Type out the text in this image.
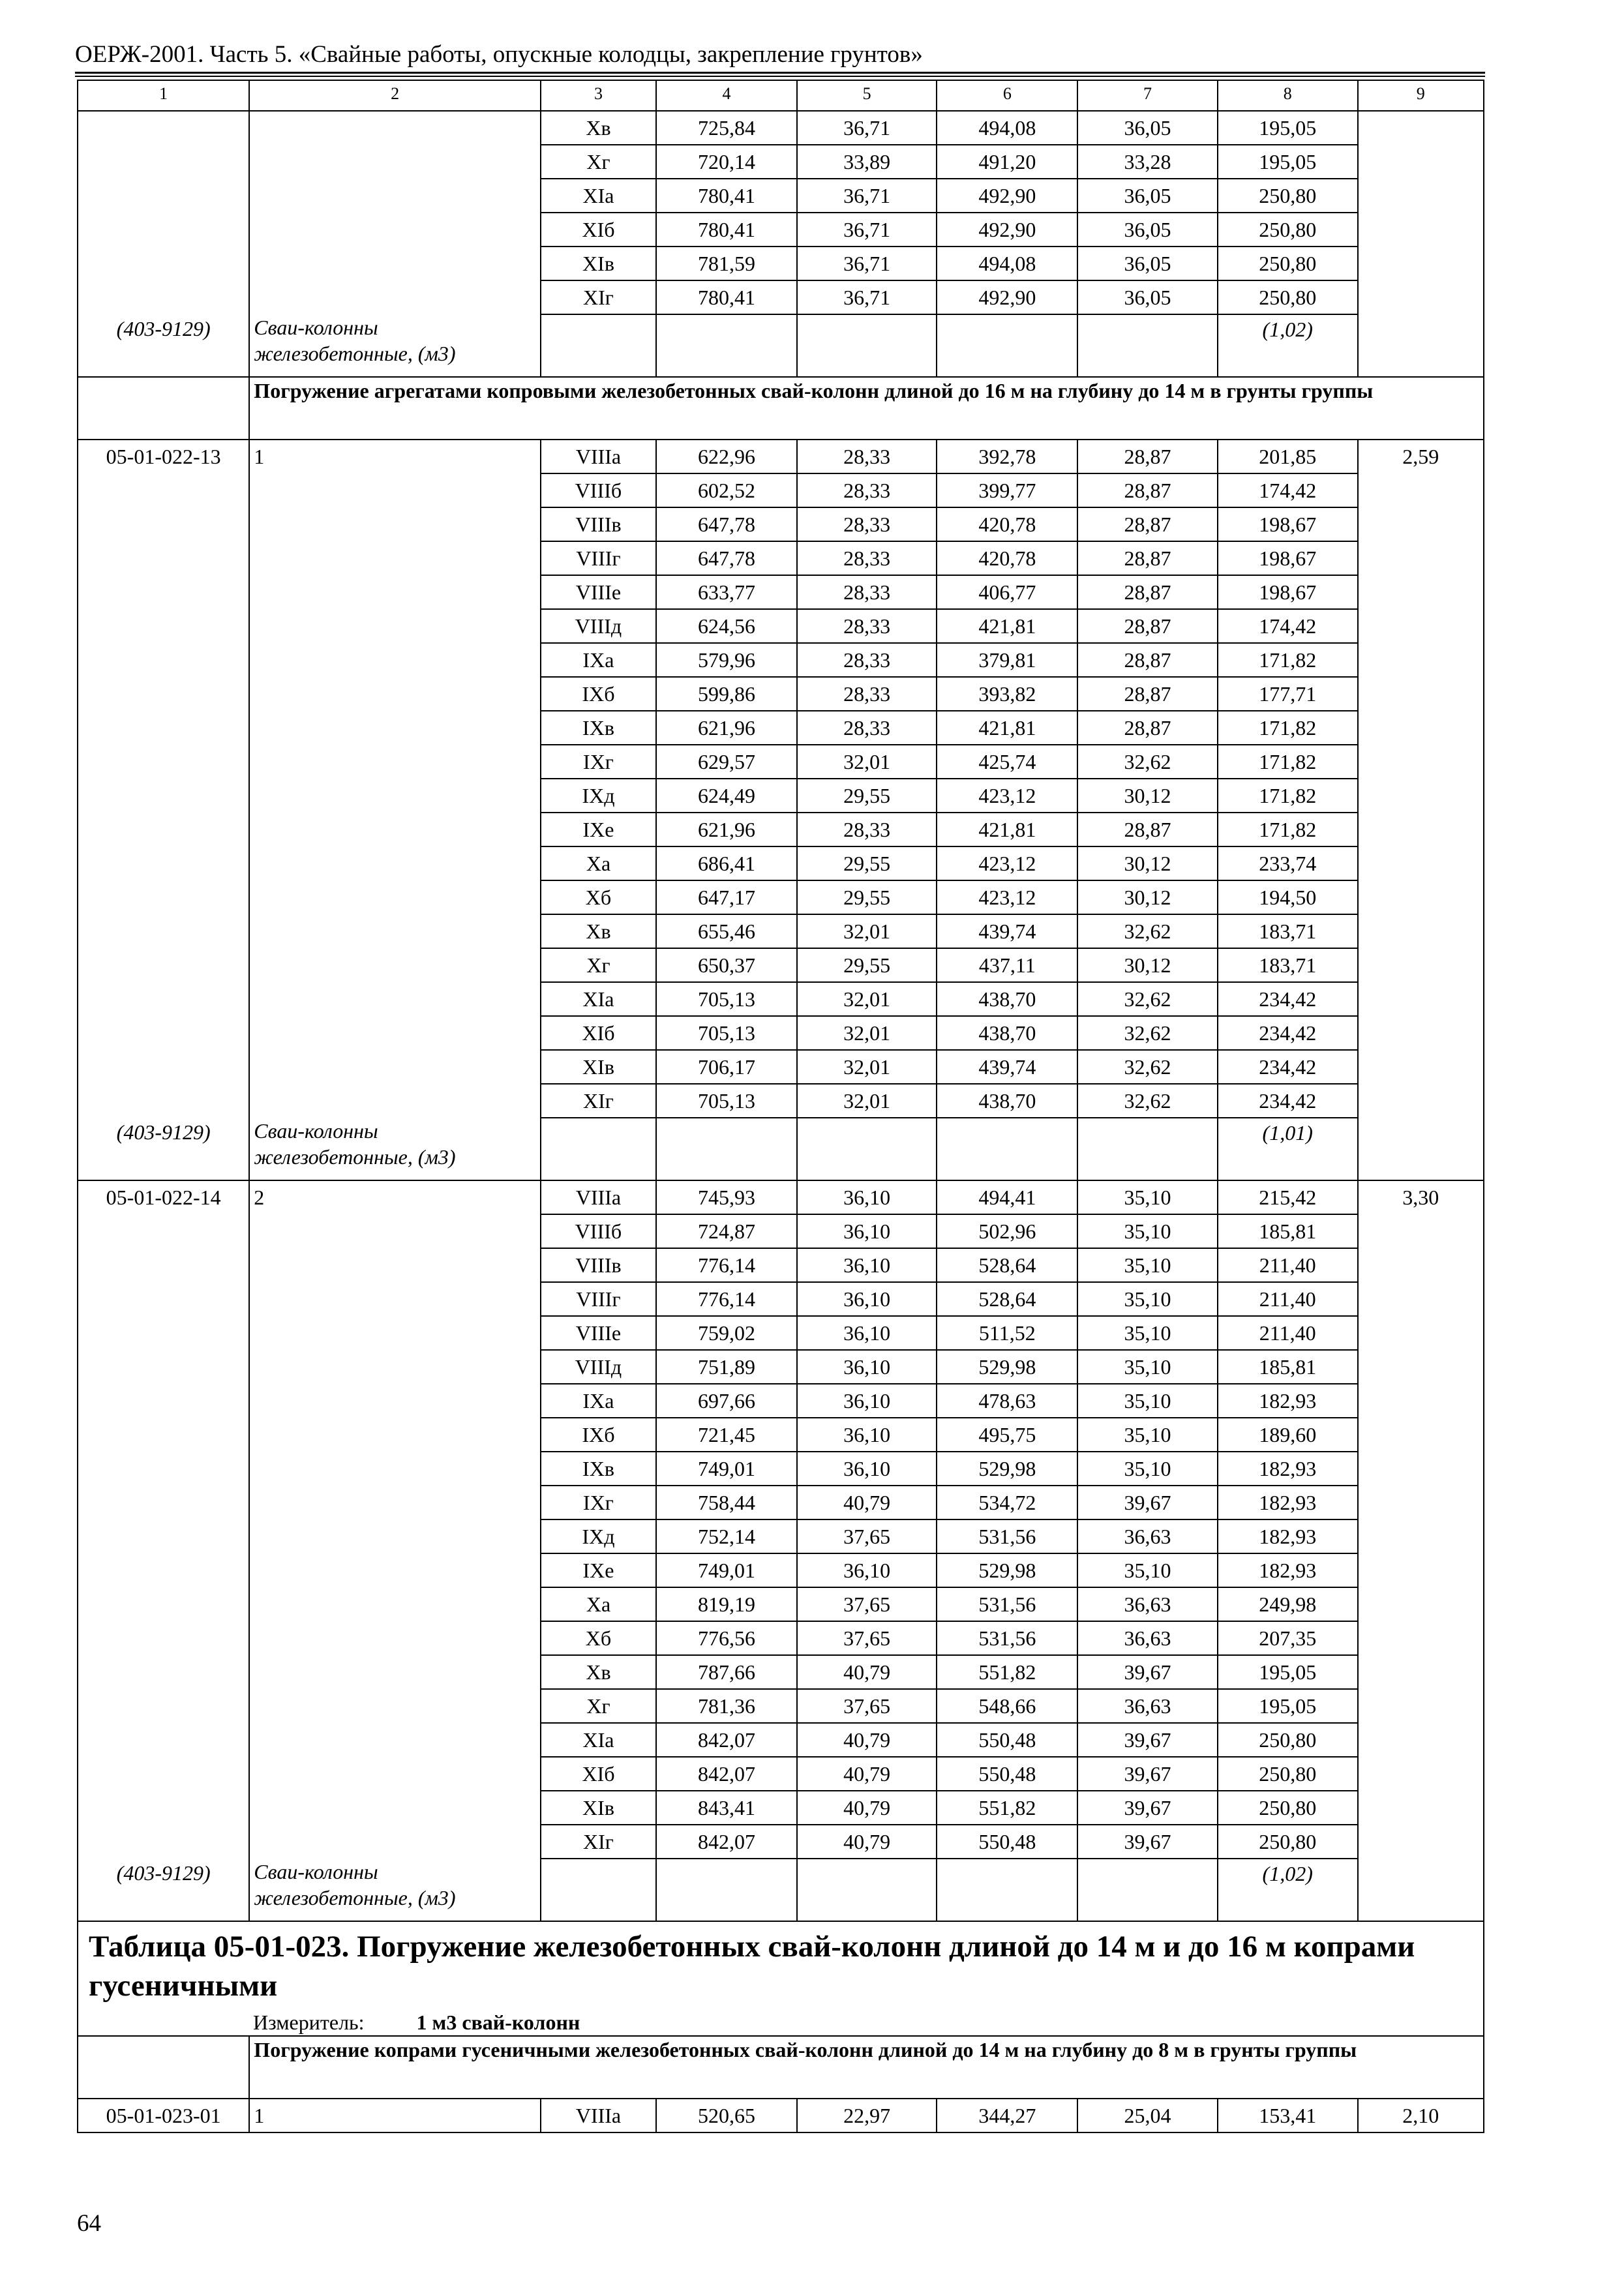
ОЕРЖ-2001. Часть 5. «Свайные работы, опускные колодцы, закрепление грунтов»
1	2	3	4	5	6	7	8	9
		Хв	725,84	36,71	494,08	36,05	195,05	
		Хг	720,14	33,89	491,20	33,28	195,05	
		ХIа	780,41	36,71	492,90	36,05	250,80	
		ХIб	780,41	36,71	492,90	36,05	250,80	
		ХIв	781,59	36,71	494,08	36,05	250,80	
		ХIг	780,41	36,71	492,90	36,05	250,80	
(403-9129)	Сваи-колонны железобетонные, (м3)						(1,02)	
	Погружение агрегатами копровыми железобетонных свай-колонн длиной до 16 м на глубину до 14 м в грунты группы							
05-01-022-13	1	VIIIа	622,96	28,33	392,78	28,87	201,85	2,59
		VIIIб	602,52	28,33	399,77	28,87	174,42	
		VIIIв	647,78	28,33	420,78	28,87	198,67	
		VIIIг	647,78	28,33	420,78	28,87	198,67	
		VIIIе	633,77	28,33	406,77	28,87	198,67	
		VIIIд	624,56	28,33	421,81	28,87	174,42	
		IХа	579,96	28,33	379,81	28,87	171,82	
		IХб	599,86	28,33	393,82	28,87	177,71	
		IХв	621,96	28,33	421,81	28,87	171,82	
		IХг	629,57	32,01	425,74	32,62	171,82	
		IХд	624,49	29,55	423,12	30,12	171,82	
		IХе	621,96	28,33	421,81	28,87	171,82	
		Ха	686,41	29,55	423,12	30,12	233,74	
		Хб	647,17	29,55	423,12	30,12	194,50	
		Хв	655,46	32,01	439,74	32,62	183,71	
		Хг	650,37	29,55	437,11	30,12	183,71	
		ХIа	705,13	32,01	438,70	32,62	234,42	
		ХIб	705,13	32,01	438,70	32,62	234,42	
		ХIв	706,17	32,01	439,74	32,62	234,42	
		ХIг	705,13	32,01	438,70	32,62	234,42	
(403-9129)	Сваи-колонны железобетонные, (м3)						(1,01)	
05-01-022-14	2	VIIIа	745,93	36,10	494,41	35,10	215,42	3,30
		VIIIб	724,87	36,10	502,96	35,10	185,81	
		VIIIв	776,14	36,10	528,64	35,10	211,40	
		VIIIг	776,14	36,10	528,64	35,10	211,40	
		VIIIе	759,02	36,10	511,52	35,10	211,40	
		VIIIд	751,89	36,10	529,98	35,10	185,81	
		IХа	697,66	36,10	478,63	35,10	182,93	
		IХб	721,45	36,10	495,75	35,10	189,60	
		IХв	749,01	36,10	529,98	35,10	182,93	
		IХг	758,44	40,79	534,72	39,67	182,93	
		IХд	752,14	37,65	531,56	36,63	182,93	
		IХе	749,01	36,10	529,98	35,10	182,93	
		Ха	819,19	37,65	531,56	36,63	249,98	
		Хб	776,56	37,65	531,56	36,63	207,35	
		Хв	787,66	40,79	551,82	39,67	195,05	
		Хг	781,36	37,65	548,66	36,63	195,05	
		ХIа	842,07	40,79	550,48	39,67	250,80	
		ХIб	842,07	40,79	550,48	39,67	250,80	
		ХIв	843,41	40,79	551,82	39,67	250,80	
		ХIг	842,07	40,79	550,48	39,67	250,80	
(403-9129)	Сваи-колонны железобетонные, (м3)						(1,02)	

Таблица 05-01-023. Погружение железобетонных свай-колонн длиной до 14 м и до 16 м копрами гусеничными
Измеритель: 1 м3 свай-колонн								

	Погружение копрами гусеничными железобетонных свай-колонн длиной до 14 м на глубину до 8 м в грунты группы							
05-01-023-01	1	VIIIа	520,65	22,97	344,27	25,04	153,41	2,10
64
